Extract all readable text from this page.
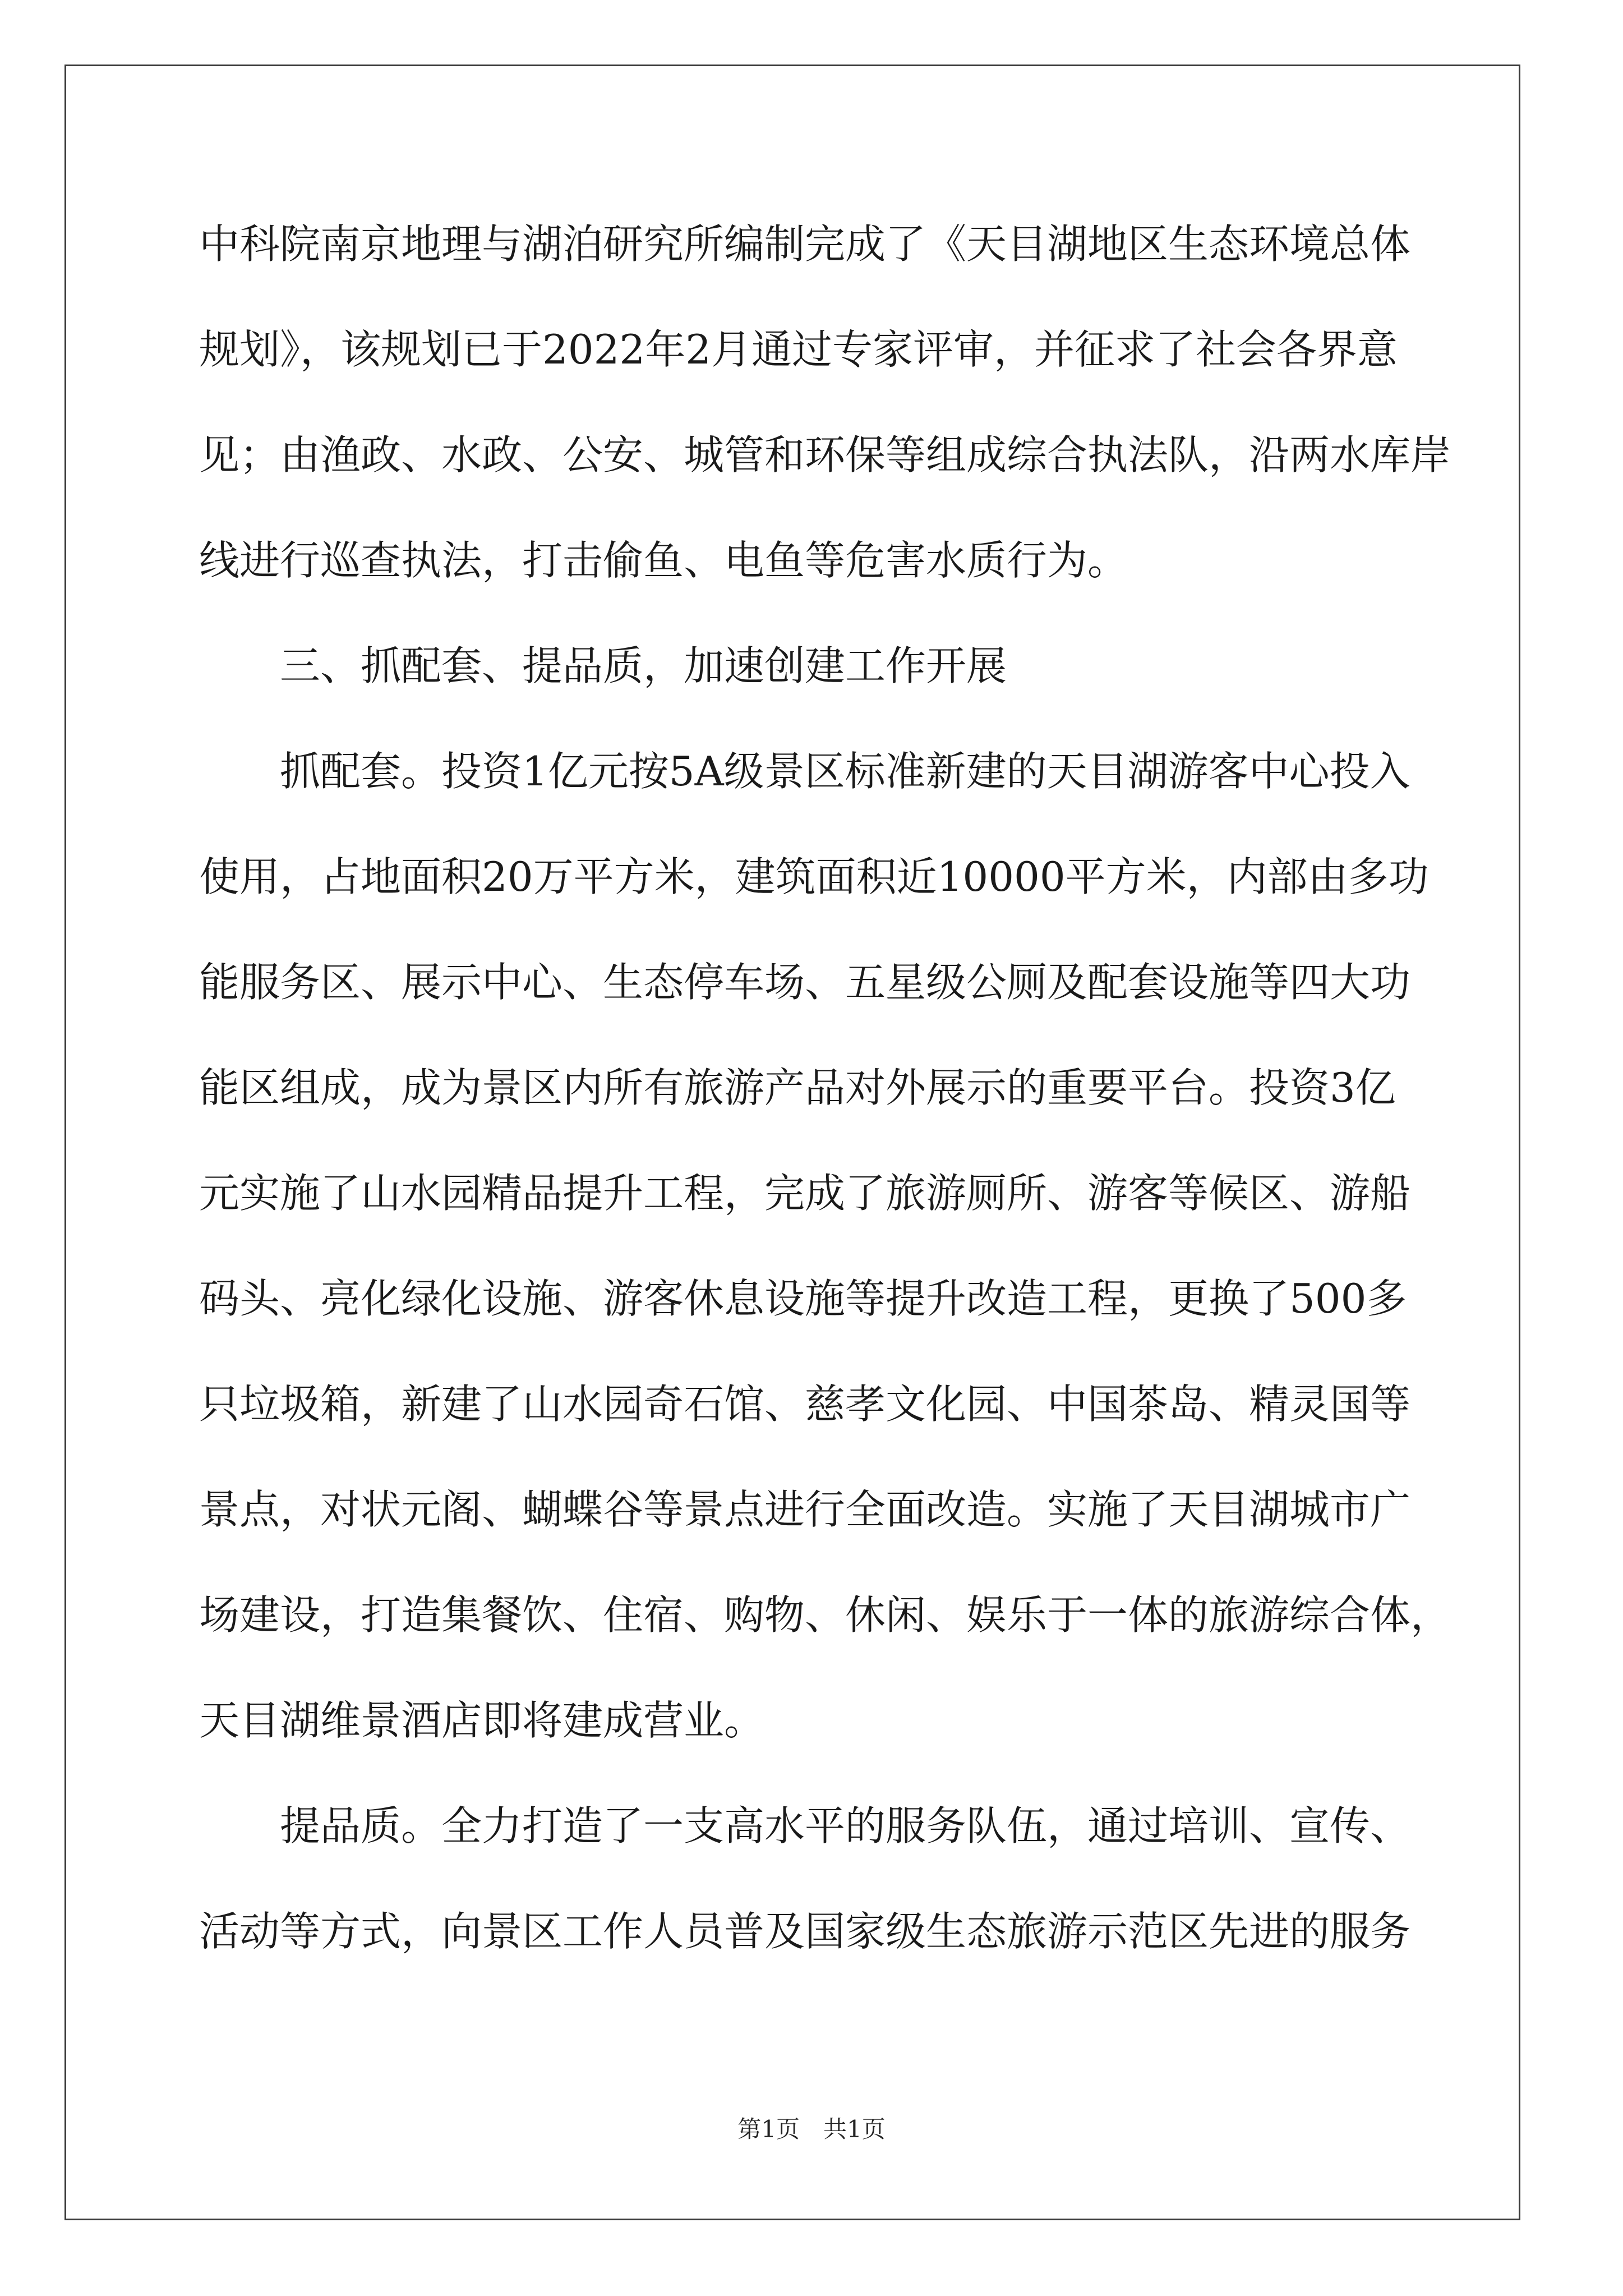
中科院南京地理与湖泊研究所编制完成了《天目湖地区生态环境总体
规划》，该规划已于2022年2月通过专家评审，并征求了社会各界意
见；由渔政、水政、公安、城管和环保等组成综合执法队，沿两水库岸
线进行巡查执法，打击偷鱼、电鱼等危害水质行为。
三、抓配套、提品质，加速创建工作开展
抓配套。投资1亿元按5A级景区标准新建的天目湖游客中心投入
使用，占地面积20万平方米，建筑面积近10000平方米，内部由多功
能服务区、展示中心、生态停车场、五星级公厕及配套设施等四大功
能区组成，成为景区内所有旅游产品对外展示的重要平台。投资3亿
元实施了山水园精品提升工程，完成了旅游厕所、游客等候区、游船
码头、亮化绿化设施、游客休息设施等提升改造工程，更换了500多
只垃圾箱，新建了山水园奇石馆、慈孝文化园、中国茶岛、精灵国等
景点，对状元阁、蝴蝶谷等景点进行全面改造。实施了天目湖城市广
场建设，打造集餐饮、住宿、购物、休闲、娱乐于一体的旅游综合体，
天目湖维景酒店即将建成营业。
提品质。全力打造了一支高水平的服务队伍，通过培训、宣传、
活动等方式，向景区工作人员普及国家级生态旅游示范区先进的服务
第1页　共1页
